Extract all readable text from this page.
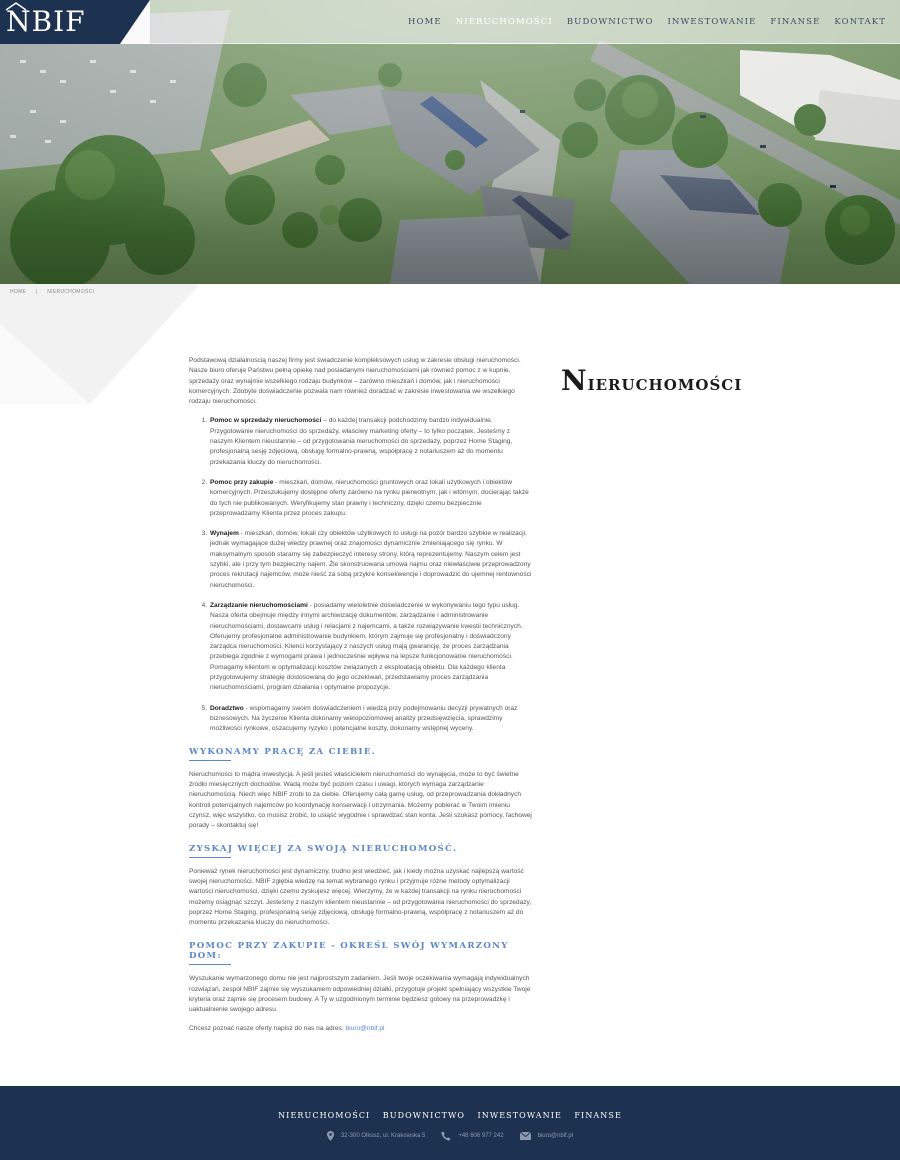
NBIF	HOME NIERUCHOMOŚCI BUDOWNICTWO INWESTOWANIE FINANSE KONTAKT
HOME | NIERUCHOMOŚCI
NIERUCHOMOŚCI

Podstawową działalnością naszej firmy jest świadczenie kompleksowych usług w zakresie obsługi nieruchomości. Nasze biuro oferuje Państwu pełną opiekę nad posiadanymi nieruchomościami jak również pomoc z w kupnie, sprzedaży oraz wynajmie wszelkiego rodzaju budynków – zarówno mieszkań i domów, jak i nieruchomości komercyjnych. Zdobyte doświadczenie pozwala nam również doradzać w zakresie inwestowania we wszelkiego rodzaju nieruchomości.

1. Pomoc w sprzedaży nieruchomości – do każdej transakcji podchodzimy bardzo indywidualnie. Przygotowanie nieruchomości do sprzedaży, właściwy marketing oferty – to tylko początek. Jesteśmy z naszym Klientem nieustannie – od przygotowania nieruchomości do sprzedaży, poprzez Home Staging, profesjonalną sesję zdjęciową, obsługę formalno-prawną, współpracę z notariuszem aż do momentu przekazania kluczy do nieruchomości.
2. Pomoc przy zakupie - mieszkań, domów, nieruchomości gruntowych oraz lokali użytkowych i obiektów komercyjnych. Przeszukujemy dostępne oferty zarówno na rynku pierwotnym, jak i wtórnym, docierając także do tych nie publikowanych. Weryfikujemy stan prawny i techniczny, dzięki czemu bezpiecznie przeprowadzamy Klienta przez proces zakupu.
3. Wynajem - mieszkań, domów, lokali czy obiektów użytkowych to usługi na pozór bardzo szybkie w realizacji, jednak wymagające dużej wiedzy prawnej oraz znajomości dynamicznie zmieniającego się rynku. W maksymalnym sposób staramy się zabezpieczyć interesy strony, którą reprezentujemy. Naszym celem jest szybki, ale i przy tym bezpieczny najem. Źle skonstruowana umowa najmu oraz niewłaściwie przeprowadzony proces rekrutacji najemców, może nieść za sobą przykre konsekwencje i doprowadzić do ujemnej rentowności nieruchomości.
4. Zarządzanie nieruchomościami - posiadamy wieloletnie doświadczenie w wykonywaniu tego typu usług. Nasza oferta obejmuje między innymi archiwizację dokumentów, zarządzanie i administrowanie nieruchomościami, dostawcami usług i relacjami z najemcami, a także rozwiązywanie kwestii technicznych. Oferujemy profesjonalne administrowanie budynkiem, którym zajmuje się profesjonalny i doświadczony zarządca nieruchomości. Klienci korzystający z naszych usług mają gwarancję, że proces zarządzania przebiega zgodnie z wymogami prawa i jednocześnie wpływa na lepsze funkcjonowanie nieruchomości. Pomagamy klientom w optymalizacji kosztów związanych z eksploatacją obiektu. Dla każdego klienta przygotowujemy strategię dostosowaną do jego oczekiwań, przedstawiamy proces zarządzania nieruchomościami, program działania i optymalne propozycje.
5. Doradztwo - wspomagamy swoim doświadczeniem i wiedzą przy podejmowaniu decyzji prywatnych oraz biznesowych. Na życzenie Klienta dokonamy wielopoziomowej analizy przedsięwzięcia, sprawdzimy możliwości rynkowe, oszacujemy ryzyko i potencjalne koszty, dokonamy wstępnej wyceny.
WYKONAMY PRACĘ ZA CIEBIE.

Nieruchomości to mądra inwestycja. A jeśli jesteś właścicielem nieruchomości do wynajęcia, może to być świetne źródło miesięcznych dochodów. Wadą może być poziom czasu i uwagi, których wymaga zarządzanie nieruchomością. Niech więc NBIF zrobi to za ciebie. Oferujemy całą gamę usług, od przeprowadzania dokładnych kontroli potencjalnych najemców po koordynację konserwacji i utrzymania. Możemy pobierać w Twoim imieniu czynsz, więc wszystko, co musisz zrobić, to usiąść wygodnie i sprawdzać stan konta. Jeśli szukasz pomocy, fachowej porady – skontaktuj się!

ZYSKAJ WIĘCEJ ZA SWOJĄ NIERUCHOMOŚĆ.

Ponieważ rynek nieruchomości jest dynamiczny, trudno jest wiedzieć, jak i kiedy można uzyskać najlepszą wartość swojej nieruchomości. NBIF zgłębia wiedzę na temat wybranego rynku i przyjmuje różne metody optymalizacji wartości nieruchomości, dzięki czemu zyskujesz więcej. Wierzymy, że w każdej transakcji na rynku nieruchomości możemy osiągnąć szczyt. Jesteśmy z naszym klientem nieustannie – od przygotowania nieruchomości do sprzedaży, poprzez Home Staging, profesjonalną sesję zdjęciową, obsługę formalno-prawną, współpracę z notariuszem aż do momentu przekazania kluczy do nieruchomości.

POMOC PRZY ZAKUPIE - OKREŚL SWÓJ WYMARZONY DOM:

Wyszukanie wymarzonego domu nie jest najprostszym zadaniem. Jeśli twoje oczekiwania wymagają indywidualnych rozwiązań, zespół NBIF zajmie się wyszukaniem odpowiedniej działki, przygotuje projekt spełniający wszystkie Twoje kryteria oraz zajmie się procesem budowy. A Ty w uzgodnionym terminie będziesz gotowy na przeprowadzkę i uaktualnienie swojego adresu.

Chcesz poznać nasze oferty napisz do nas na adres: biuro@nbif.pl

NIERUCHOMOŚCI BUDOWNICTWO INWESTOWANIE FINANSE
32-300 Olkusz, ul. Krakowska 5	+48 606 977 242	biuro@nbif.pl
